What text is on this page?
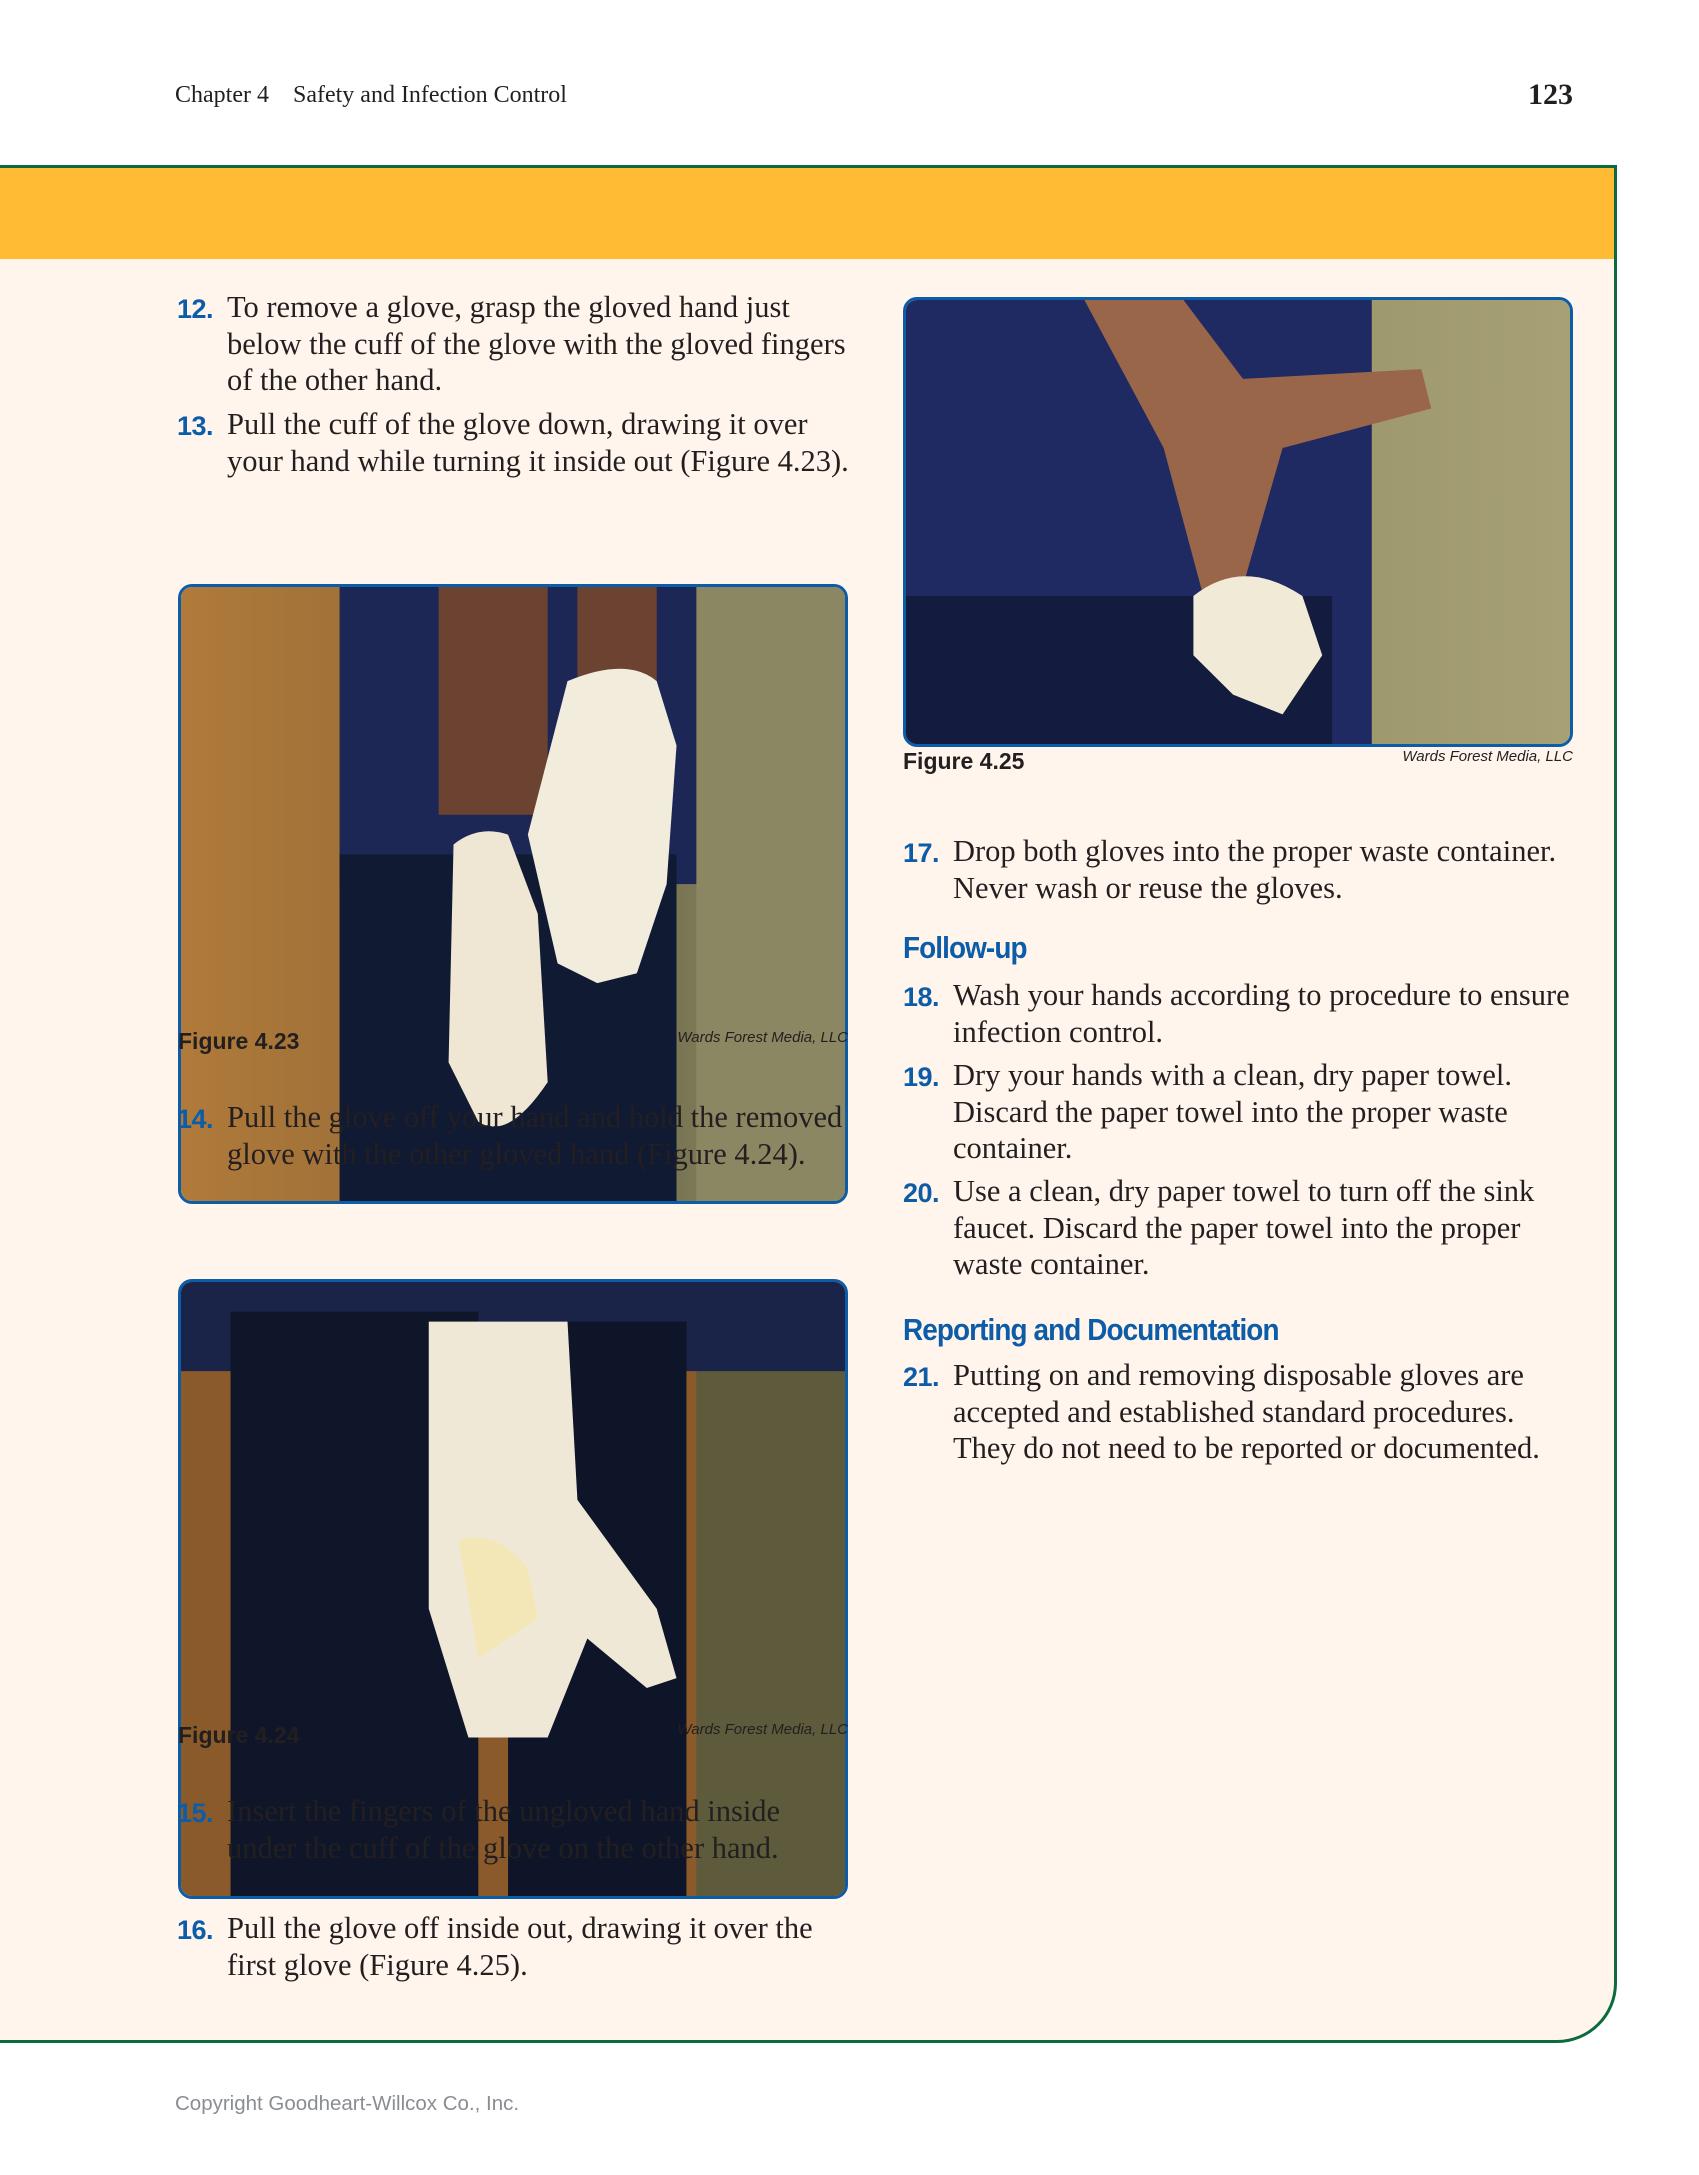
Chapter 4    Safety and Infection Control	123
12. To remove a glove, grasp the gloved hand just below the cuff of the glove with the gloved fingers of the other hand.
13. Pull the cuff of the glove down, drawing it over your hand while turning it inside out (Figure 4.23).
Figure 4.23	Wards Forest Media, LLC
14. Pull the glove off your hand and hold the removed glove with the other gloved hand (Figure 4.24).
Figure 4.24	Wards Forest Media, LLC
15. Insert the fingers of the ungloved hand inside under the cuff of the glove on the other hand.
16. Pull the glove off inside out, drawing it over the first glove (Figure 4.25).
Figure 4.25	Wards Forest Media, LLC
17. Drop both gloves into the proper waste container. Never wash or reuse the gloves.
Follow-up
18. Wash your hands according to procedure to ensure infection control.
19. Dry your hands with a clean, dry paper towel. Discard the paper towel into the proper waste container.
20. Use a clean, dry paper towel to turn off the sink faucet. Discard the paper towel into the proper waste container.
Reporting and Documentation
21. Putting on and removing disposable gloves are accepted and established standard procedures. They do not need to be reported or documented.
Copyright Goodheart-Willcox Co., Inc.
